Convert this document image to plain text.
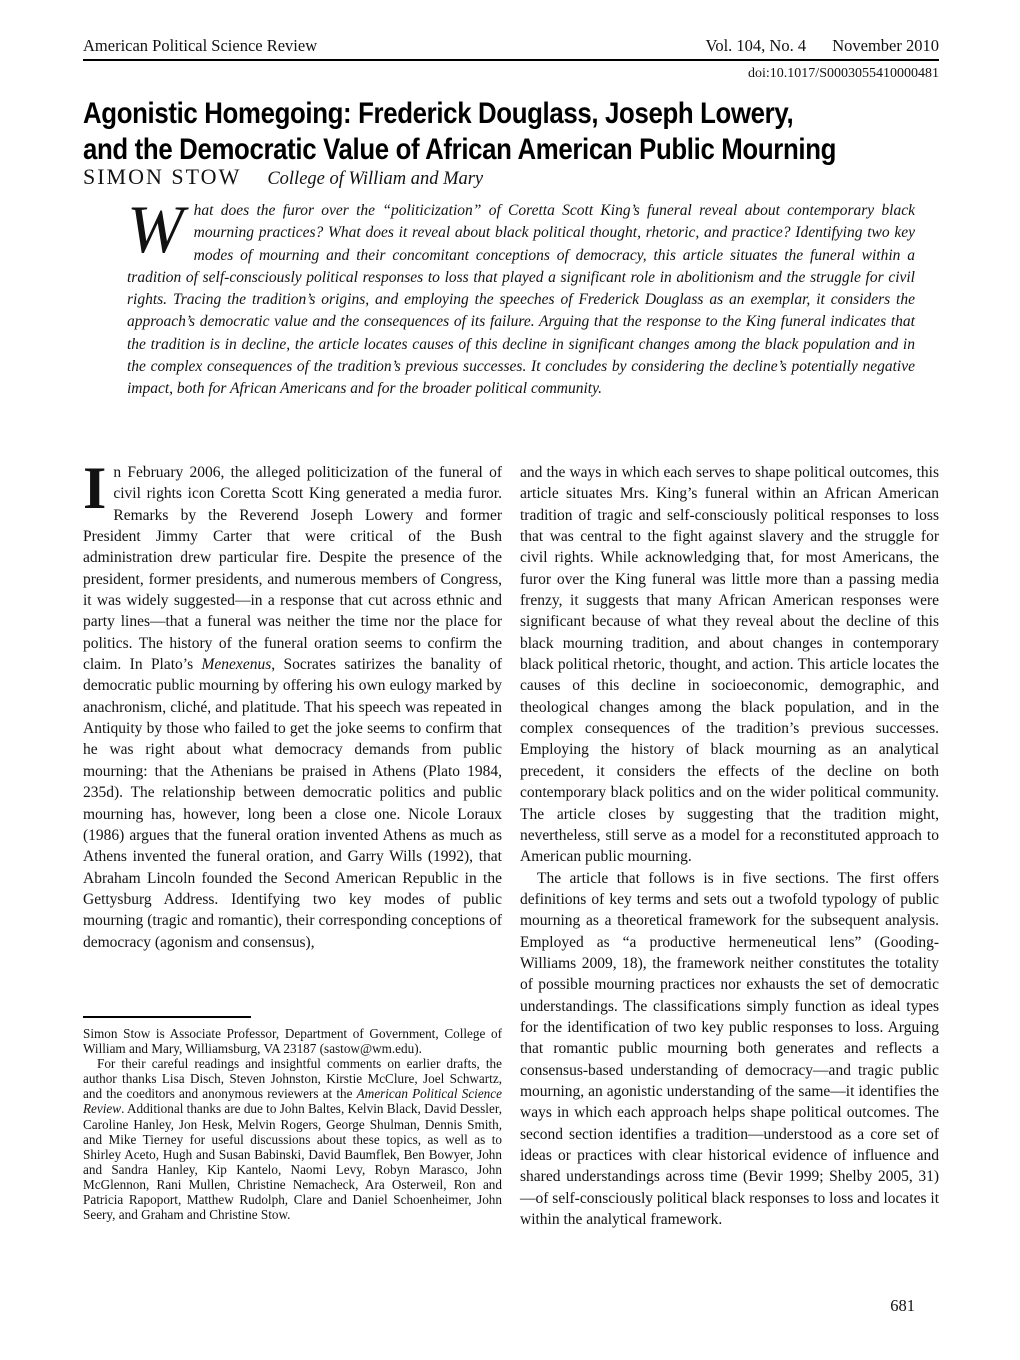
American Political Science Review	Vol. 104, No. 4 November 2010
doi:10.1017/S0003055410000481
Agonistic Homegoing: Frederick Douglass, Joseph Lowery,
and the Democratic Value of African American Public Mourning
SIMON STOW College of William and Mary
What does the furor over the “politicization” of Coretta Scott King’s funeral reveal about contemporary black mourning practices? What does it reveal about black political thought, rhetoric, and practice? Identifying two key modes of mourning and their concomitant conceptions of democracy, this article situates the funeral within a tradition of self-consciously political responses to loss that played a significant role in abolitionism and the struggle for civil rights. Tracing the tradition’s origins, and employing the speeches of Frederick Douglass as an exemplar, it considers the approach’s democratic value and the consequences of its failure. Arguing that the response to the King funeral indicates that the tradition is in decline, the article locates causes of this decline in significant changes among the black population and in the complex consequences of the tradition’s previous successes. It concludes by considering the decline’s potentially negative impact, both for African Americans and for the broader political community.

In February 2006, the alleged politicization of the funeral of civil rights icon Coretta Scott King generated a media furor. Remarks by the Reverend Joseph Lowery and former President Jimmy Carter that were critical of the Bush administration drew particular fire. Despite the presence of the president, former presidents, and numerous members of Congress, it was widely suggested—in a response that cut across ethnic and party lines—that a funeral was neither the time nor the place for politics. The history of the funeral oration seems to confirm the claim. In Plato’s Menexenus, Socrates satirizes the banality of democratic public mourning by offering his own eulogy marked by anachronism, cliché, and platitude. That his speech was repeated in Antiquity by those who failed to get the joke seems to confirm that he was right about what democracy demands from public mourning: that the Athenians be praised in Athens (Plato 1984, 235d). The relationship between democratic politics and public mourning has, however, long been a close one. Nicole Loraux (1986) argues that the funeral oration invented Athens as much as Athens invented the funeral oration, and Garry Wills (1992), that Abraham Lincoln founded the Second American Republic in the Gettysburg Address. Identifying two key modes of public mourning (tragic and romantic), their corresponding conceptions of democracy (agonism and consensus),

and the ways in which each serves to shape political outcomes, this article situates Mrs. King’s funeral within an African American tradition of tragic and self-consciously political responses to loss that was central to the fight against slavery and the struggle for civil rights. While acknowledging that, for most Americans, the furor over the King funeral was little more than a passing media frenzy, it suggests that many African American responses were significant because of what they reveal about the decline of this black mourning tradition, and about changes in contemporary black political rhetoric, thought, and action. This article locates the causes of this decline in socioeconomic, demographic, and theological changes among the black population, and in the complex consequences of the tradition’s previous successes. Employing the history of black mourning as an analytical precedent, it considers the effects of the decline on both contemporary black politics and on the wider political community. The article closes by suggesting that the tradition might, nevertheless, still serve as a model for a reconstituted approach to American public mourning.

The article that follows is in five sections. The first offers definitions of key terms and sets out a twofold typology of public mourning as a theoretical framework for the subsequent analysis. Employed as “a productive hermeneutical lens” (Gooding-Williams 2009, 18), the framework neither constitutes the totality of possible mourning practices nor exhausts the set of democratic understandings. The classifications simply function as ideal types for the identification of two key public responses to loss. Arguing that romantic public mourning both generates and reflects a consensus-based understanding of democracy—and tragic public mourning, an agonistic understanding of the same—it identifies the ways in which each approach helps shape political outcomes. The second section identifies a tradition—understood as a core set of ideas or practices with clear historical evidence of influence and shared understandings across time (Bevir 1999; Shelby 2005, 31)—of self-consciously political black responses to loss and locates it within the analytical framework.

Simon Stow is Associate Professor, Department of Government, College of William and Mary, Williamsburg, VA 23187 (sastow@wm.edu).

For their careful readings and insightful comments on earlier drafts, the author thanks Lisa Disch, Steven Johnston, Kirstie McClure, Joel Schwartz, and the coeditors and anonymous reviewers at the American Political Science Review. Additional thanks are due to John Baltes, Kelvin Black, David Dessler, Caroline Hanley, Jon Hesk, Melvin Rogers, George Shulman, Dennis Smith, and Mike Tierney for useful discussions about these topics, as well as to Shirley Aceto, Hugh and Susan Babinski, David Baumflek, Ben Bowyer, John and Sandra Hanley, Kip Kantelo, Naomi Levy, Robyn Marasco, John McGlennon, Rani Mullen, Christine Nemacheck, Ara Osterweil, Ron and Patricia Rapoport, Matthew Rudolph, Clare and Daniel Schoenheimer, John Seery, and Graham and Christine Stow.

681
